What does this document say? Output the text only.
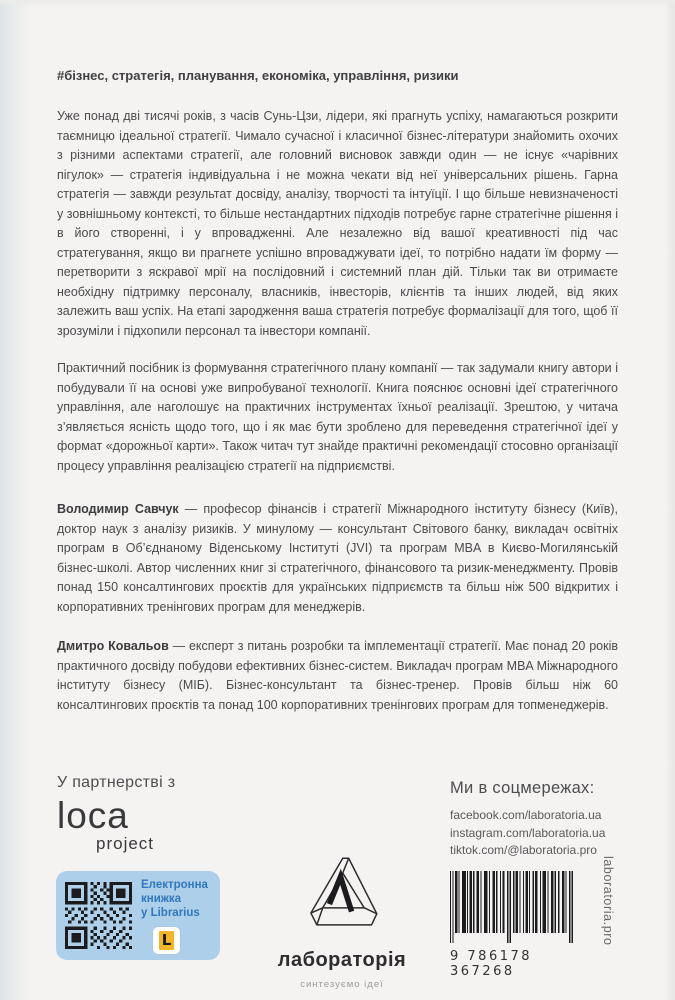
#бізнес, стратегія, планування, економіка, управління, ризики

Уже понад дві тисячі років, з часів Сунь-Цзи, лідери, які прагнуть успіху, намагаються розкрити таємницю ідеальної стратегії. Чимало сучасної і класичної бізнес-літератури знайомить охочих з різними аспектами стратегії, але головний висновок завжди один — не існує «чарівних пігулок» — стратегія індивідуальна і не можна чекати від неї універсальних рішень. Гарна стратегія — завжди результат досвіду, аналізу, творчості та інтуїції. І що більше невизначеності у зовнішньому контексті, то більше нестандартних підходів потребує гарне стратегічне рішення і в його створенні, і у впровадженні. Але незалежно від вашої креативності під час стратегування, якщо ви прагнете успішно впроваджувати ідеї, то потрібно надати їм форму — перетворити з яскравої мрії на послідовний і системний план дій. Тільки так ви отримаєте необхідну підтримку персоналу, власників, інвесторів, клієнтів та інших людей, від яких залежить ваш успіх. На етапі зародження ваша стратегія потребує формалізації для того, щоб її зрозуміли і підхопили персонал та інвестори компанії.

Практичний посібник із формування стратегічного плану компанії — так задумали книгу автори і побудували її на основі уже випробуваної технології. Книга пояснює основні ідеї стратегічного управління, але наголошує на практичних інструментах їхньої реалізації. Зрештою, у читача з’являється ясність щодо того, що і як має бути зроблено для переведення стратегічної ідеї у формат «дорожньої карти». Також читач тут знайде практичні рекомендації стосовно організації процесу управління реалізацією стратегії на підприємстві.

Володимир Савчук — професор фінансів і стратегії Міжнародного інституту бізнесу (Київ), доктор наук з аналізу ризиків. У минулому — консультант Світового банку, викладач освітніх програм в Об’єднаному Віденському Інституті (JVI) та програм MBA в Києво-Могилянській бізнес-школі. Автор численних книг зі стратегічного, фінансового та ризик-менеджменту. Провів понад 150 консалтингових проєктів для українських підприємств та більш ніж 500 відкритих і корпоративних тренінгових програм для менеджерів.

Дмитро Ковальов — експерт з питань розробки та імплементації стратегії. Має понад 20 років практичного досвіду побудови ефективних бізнес-систем. Викладач програм MBA Міжнародного інституту бізнесу (МІБ). Бізнес-консультант та бізнес-тренер. Провів більш ніж 60 консалтингових проєктів та понад 100 корпоративних тренінгових програм для топменеджерів.

У партнерстві з
loca
project
Електронна
книжка
у Librarius
L
лабораторія
синтезуємо ідеї
Ми в соцмережах:
facebook.com/laboratoria.ua
instagram.com/laboratoria.ua
tiktok.com/@laboratoria.pro
9 786178 367268
laboratoria.pro
